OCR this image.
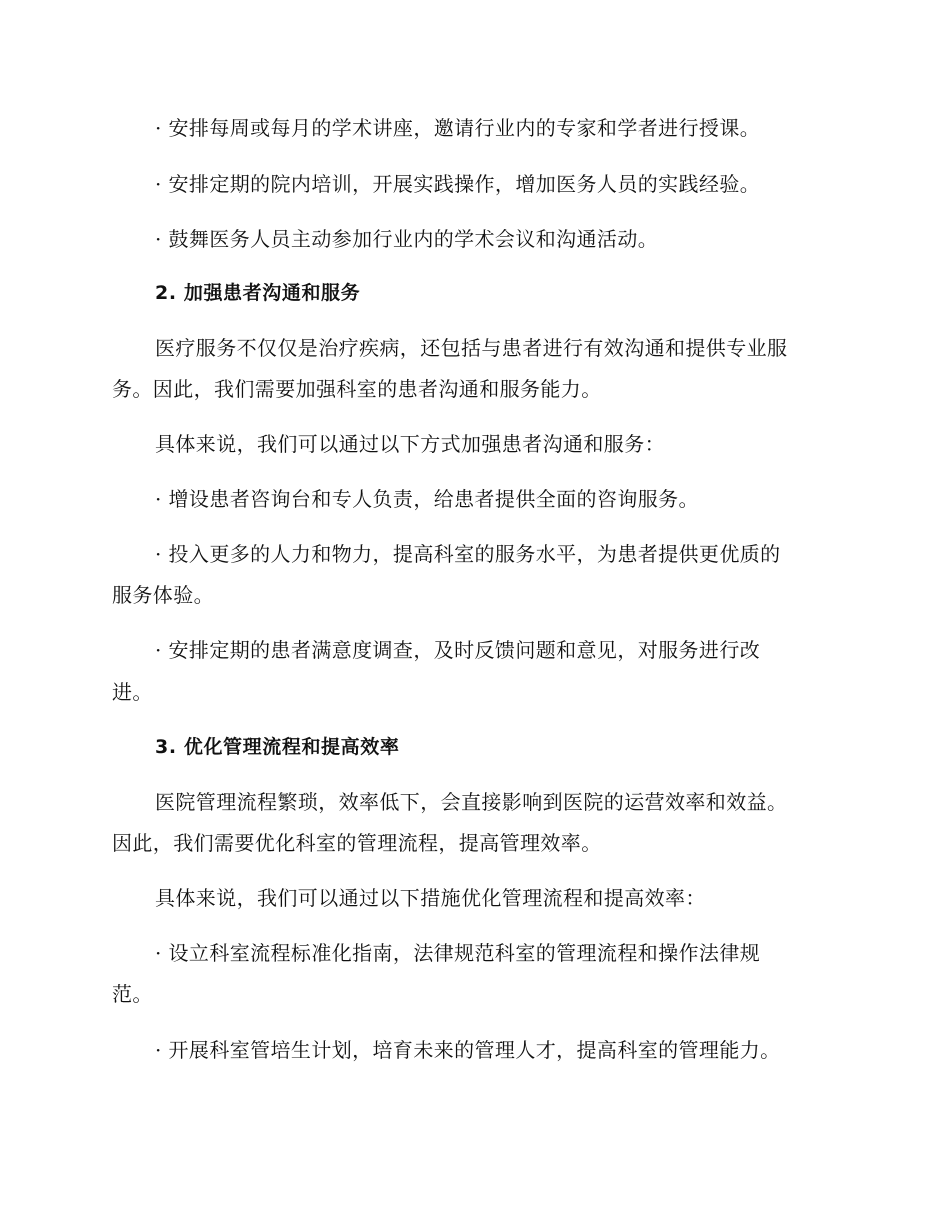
· 安排每周或每月的学术讲座，邀请行业内的专家和学者进行授课。
· 安排定期的院内培训，开展实践操作，增加医务人员的实践经验。
· 鼓舞医务人员主动参加行业内的学术会议和沟通活动。
2. 加强患者沟通和服务
医疗服务不仅仅是治疗疾病，还包括与患者进行有效沟通和提供专业服
务。因此，我们需要加强科室的患者沟通和服务能力。
具体来说，我们可以通过以下方式加强患者沟通和服务：
· 增设患者咨询台和专人负责，给患者提供全面的咨询服务。
· 投入更多的人力和物力，提高科室的服务水平，为患者提供更优质的
服务体验。
· 安排定期的患者满意度调查，及时反馈问题和意见，对服务进行改
进。
3. 优化管理流程和提高效率
医院管理流程繁琐，效率低下，会直接影响到医院的运营效率和效益。
因此，我们需要优化科室的管理流程，提高管理效率。
具体来说，我们可以通过以下措施优化管理流程和提高效率：
· 设立科室流程标准化指南，法律规范科室的管理流程和操作法律规
范。
· 开展科室管培生计划，培育未来的管理人才，提高科室的管理能力。
